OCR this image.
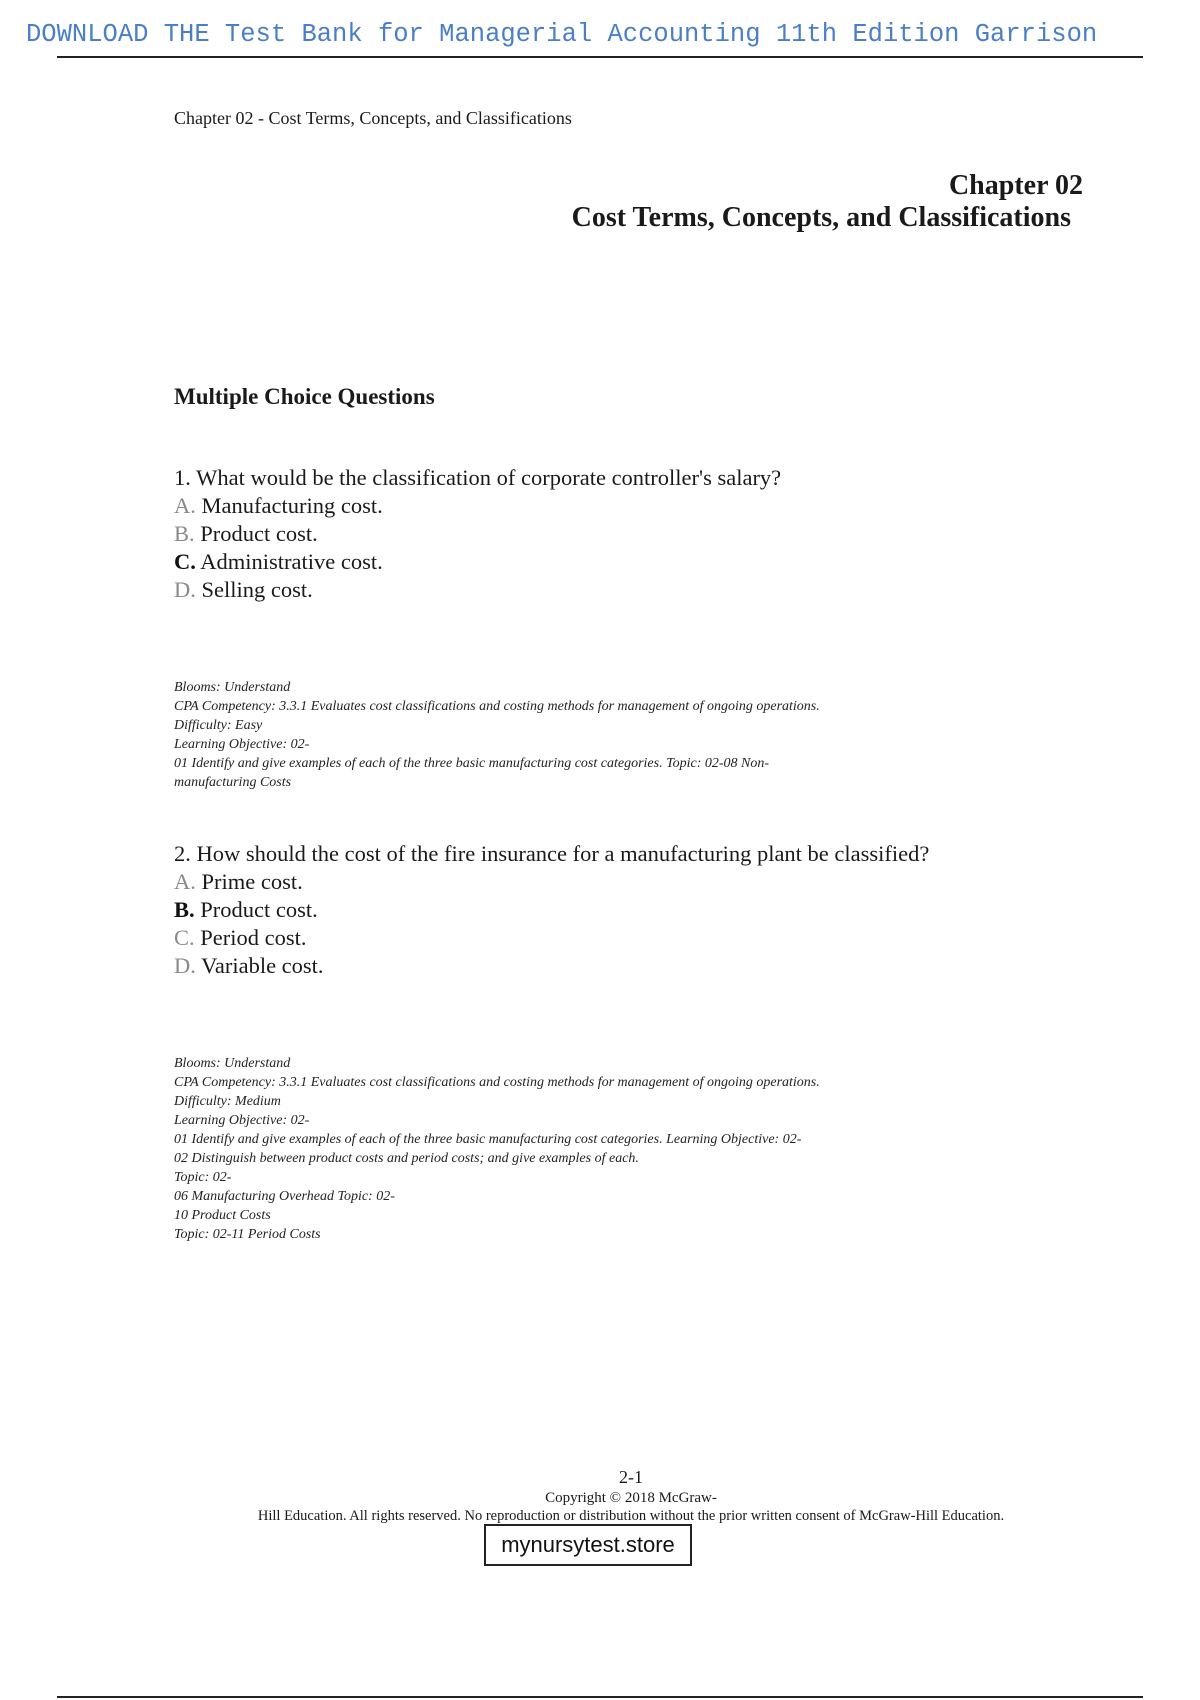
DOWNLOAD THE Test Bank for Managerial Accounting 11th Edition Garrison
Chapter 02 - Cost Terms, Concepts, and Classifications
Chapter 02
Cost Terms, Concepts, and Classifications
Multiple Choice Questions
1. What would be the classification of corporate controller's salary?
A. Manufacturing cost.
B. Product cost.
C. Administrative cost.
D. Selling cost.
Blooms: Understand
CPA Competency: 3.3.1 Evaluates cost classifications and costing methods for management of ongoing operations.
Difficulty: Easy
Learning Objective: 02-
01 Identify and give examples of each of the three basic manufacturing cost categories. Topic: 02-08 Non-
manufacturing Costs
2. How should the cost of the fire insurance for a manufacturing plant be classified?
A. Prime cost.
B. Product cost.
C. Period cost.
D. Variable cost.
Blooms: Understand
CPA Competency: 3.3.1 Evaluates cost classifications and costing methods for management of ongoing operations.
Difficulty: Medium
Learning Objective: 02-
01 Identify and give examples of each of the three basic manufacturing cost categories. Learning Objective: 02-
02 Distinguish between product costs and period costs; and give examples of each.
Topic: 02-
06 Manufacturing Overhead Topic: 02-
10 Product Costs
Topic: 02-11 Period Costs
2-1
Copyright © 2018 McGraw-
Hill Education. All rights reserved. No reproduction or distribution without the prior written consent of McGraw-Hill Education.
mynursytest.store
